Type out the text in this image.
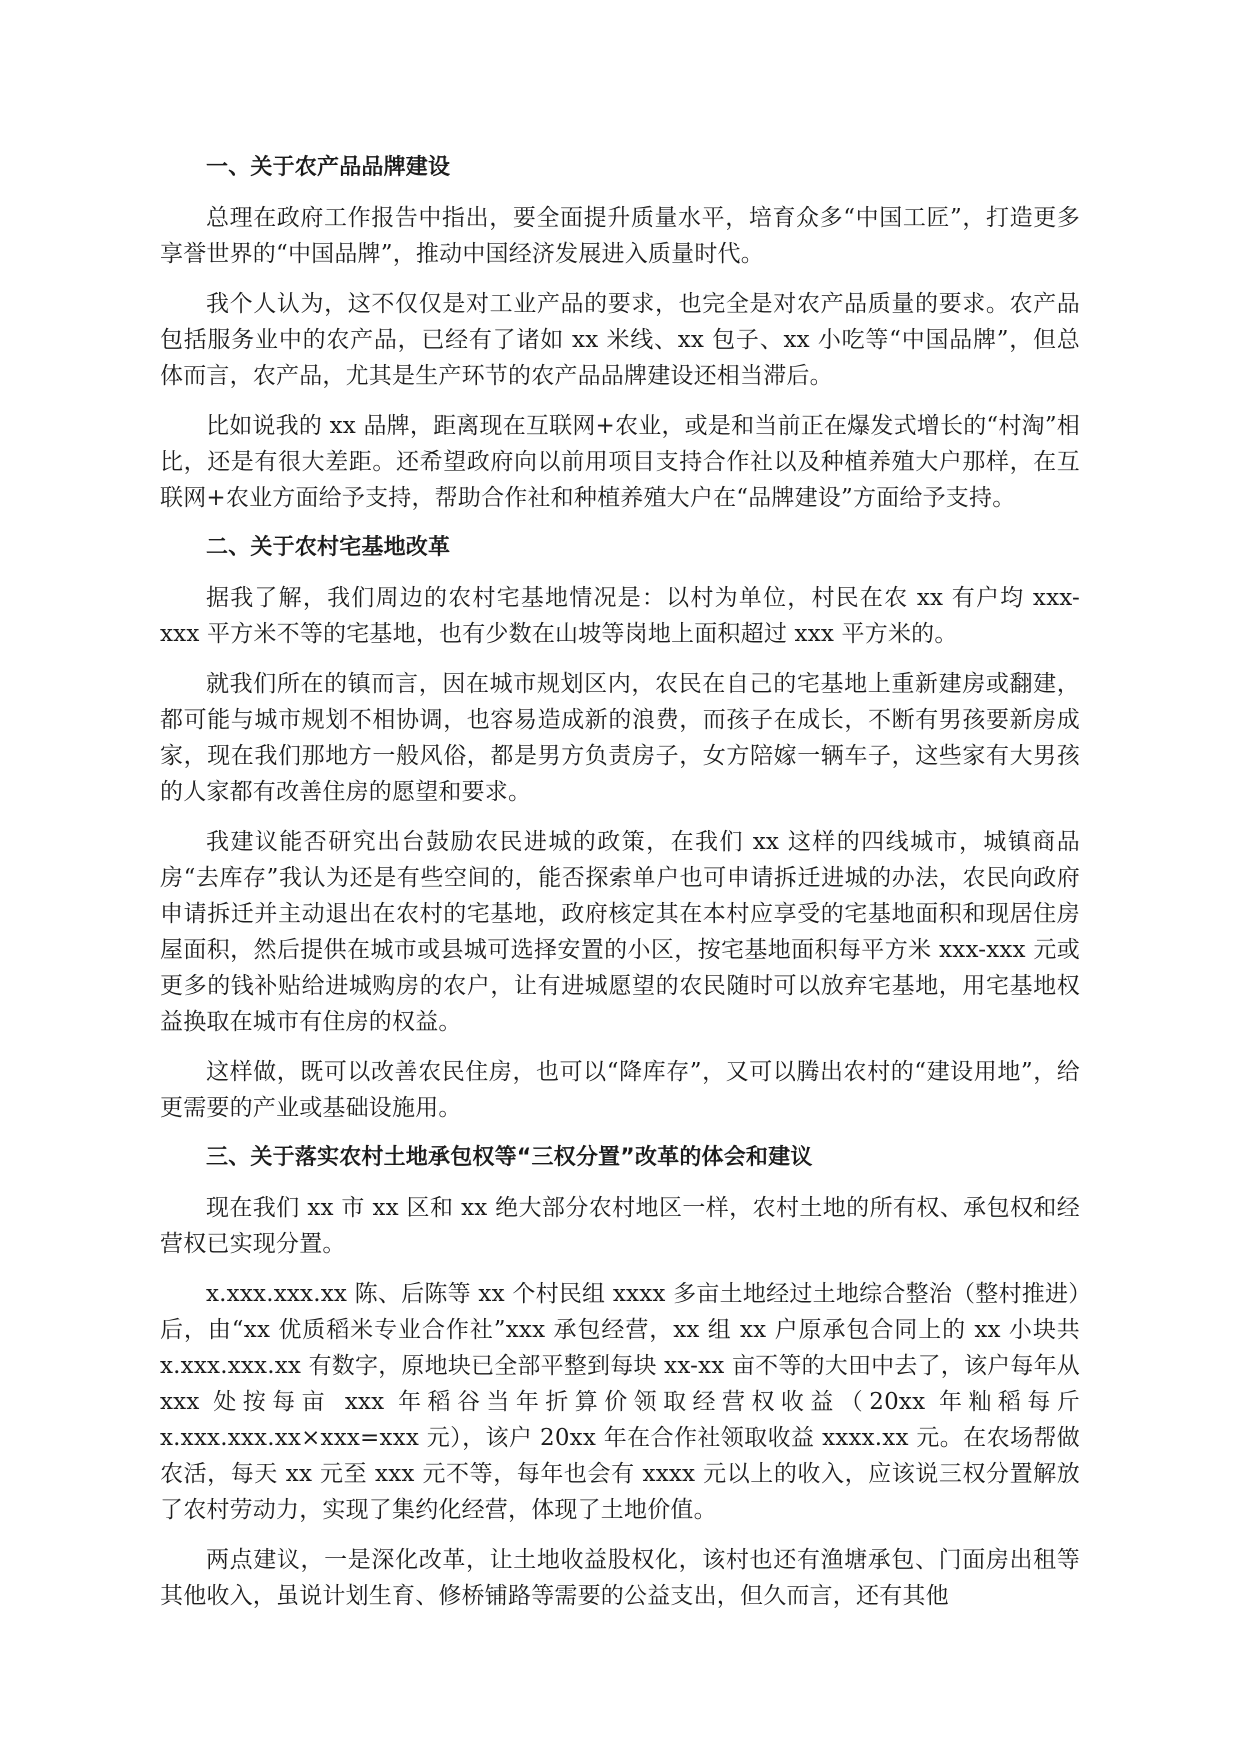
一、关于农产品品牌建设

总理在政府工作报告中指出，要全面提升质量水平，培育众多“中国工匠”，打造更多享誉世界的“中国品牌”，推动中国经济发展进入质量时代。

我个人认为，这不仅仅是对工业产品的要求，也完全是对农产品质量的要求。农产品包括服务业中的农产品，已经有了诸如 xx 米线、xx 包子、xx 小吃等“中国品牌”，但总体而言，农产品，尤其是生产环节的农产品品牌建设还相当滞后。

比如说我的 xx 品牌，距离现在互联网+农业，或是和当前正在爆发式增长的“村淘”相比，还是有很大差距。还希望政府向以前用项目支持合作社以及种植养殖大户那样，在互联网+农业方面给予支持，帮助合作社和种植养殖大户在“品牌建设”方面给予支持。

二、关于农村宅基地改革

据我了解，我们周边的农村宅基地情况是：以村为单位，村民在农 xx 有户均 xxx-xxx 平方米不等的宅基地，也有少数在山坡等岗地上面积超过 xxx 平方米的。

就我们所在的镇而言，因在城市规划区内，农民在自己的宅基地上重新建房或翻建，都可能与城市规划不相协调，也容易造成新的浪费，而孩子在成长，不断有男孩要新房成家，现在我们那地方一般风俗，都是男方负责房子，女方陪嫁一辆车子，这些家有大男孩的人家都有改善住房的愿望和要求。

我建议能否研究出台鼓励农民进城的政策，在我们 xx 这样的四线城市，城镇商品房“去库存”我认为还是有些空间的，能否探索单户也可申请拆迁进城的办法，农民向政府申请拆迁并主动退出在农村的宅基地，政府核定其在本村应享受的宅基地面积和现居住房屋面积，然后提供在城市或县城可选择安置的小区，按宅基地面积每平方米 xxx-xxx 元或更多的钱补贴给进城购房的农户，让有进城愿望的农民随时可以放弃宅基地，用宅基地权益换取在城市有住房的权益。

这样做，既可以改善农民住房，也可以“降库存”，又可以腾出农村的“建设用地”，给更需要的产业或基础设施用。

三、关于落实农村土地承包权等“三权分置”改革的体会和建议

现在我们 xx 市 xx 区和 xx 绝大部分农村地区一样，农村土地的所有权、承包权和经营权已实现分置。

x.xxx.xxx.xx 陈、后陈等 xx 个村民组 xxxx 多亩土地经过土地综合整治（整村推进）后，由“xx 优质稻米专业合作社”xxx 承包经营，xx 组 xx 户原承包合同上的 xx 小块共 x.xxx.xxx.xx 有数字，原地块已全部平整到每块 xx-xx 亩不等的大田中去了，该户每年从 xxx 处按每亩 xxx 年稻谷当年折算价领取经营权收益（20xx 年籼稻每斤 x.xxx.xxx.xx×xxx=xxx 元），该户 20xx 年在合作社领取收益 xxxx.xx 元。在农场帮做农活，每天 xx 元至 xxx 元不等，每年也会有 xxxx 元以上的收入，应该说三权分置解放了农村劳动力，实现了集约化经营，体现了土地价值。

两点建议，一是深化改革，让土地收益股权化，该村也还有渔塘承包、门面房出租等其他收入，虽说计划生育、修桥铺路等需要的公益支出，但久而言，还有其他
